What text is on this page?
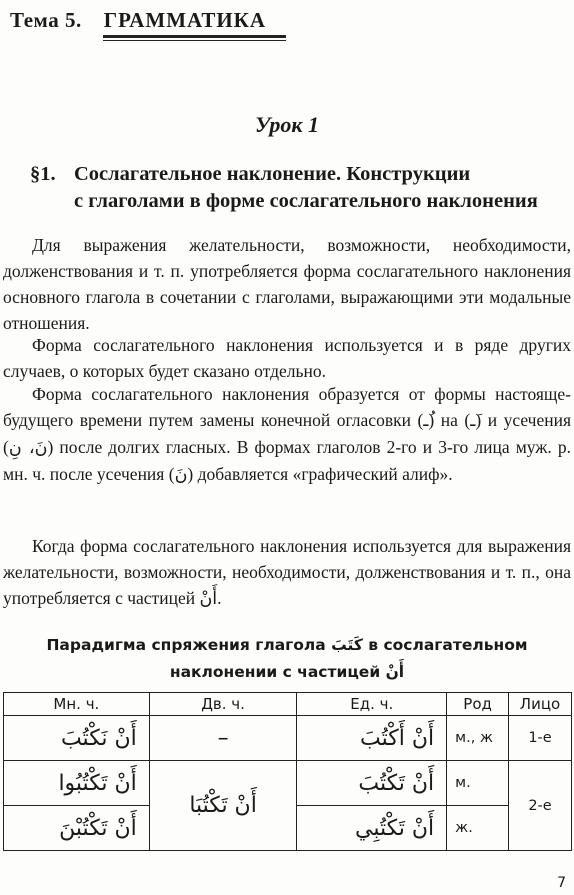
Тема 5. ГРАММАТИКА
Урок 1
§1. Сослагательное наклонение. Конструкции
с глаголами в форме сослагательного наклонения

Для выражения желательности, возможности, необходимости, долженствования и т. п. употребляется форма сослагательного наклонения основного глагола в сочетании с глаголами, выражающими эти модальные отношения.

Форма сослагательного наклонения используется и в ряде других случаев, о которых будет сказано отдельно.

Форма сослагательного наклонения образуется от формы настояще-будущего времени путем замены конечной огласовки (ُـ) на (َـ) и усечения (نَ، نِ) после долгих гласных. В формах глаголов 2-го и 3-го лица муж. р. мн. ч. после усечения (نَ) добавляется «графический алиф».

Когда форма сослагательного наклонения используется для выражения желательности, возможности, необходимости, долженствования и т. п., она употребляется с частицей أَنْ.

Парадигма спряжения глагола كَتَبَ в сослагательном
наклонении с частицей أَنْ
Мн. ч.	Дв. ч.	Ед. ч.	Род	Лицо
أَنْ نَكْتُبَ	–	أَنْ أَكْتُبَ	м., ж	1-е
أَنْ تَكْتُبُوا	أَنْ تَكْتُبَا	أَنْ تَكْتُبَ	м.	2-е
أَنْ تَكْتُبْنَ		أَنْ تَكْتُبِي	ж.	
7
